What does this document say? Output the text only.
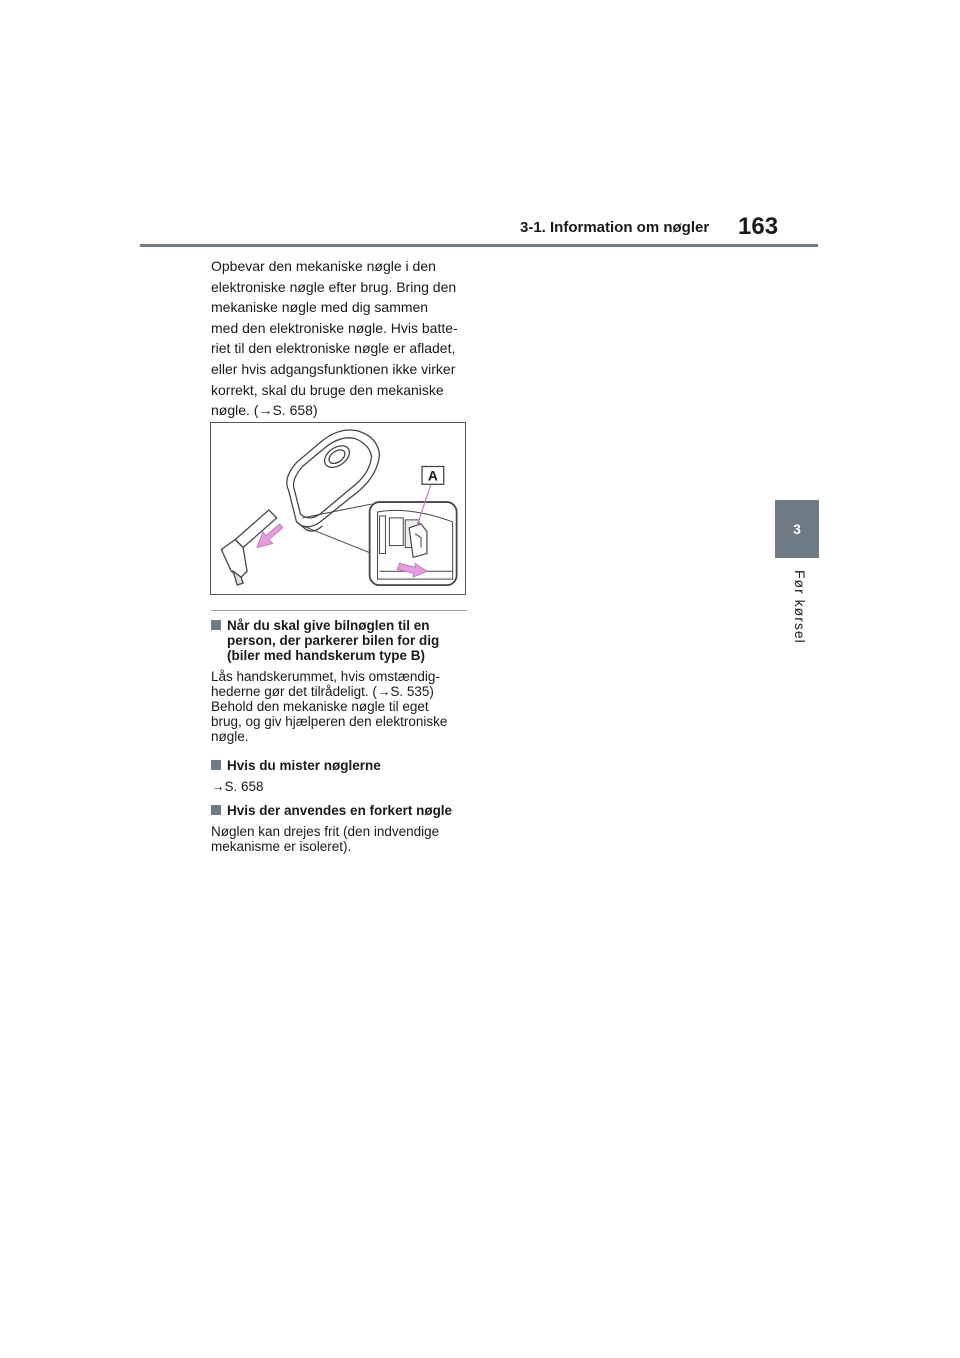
3-1. Information om nøgler 163
3
Før kørsel
Opbevar den mekaniske nøgle i den
elektroniske nøgle efter brug. Bring den
mekaniske nøgle med dig sammen
med den elektroniske nøgle. Hvis batte-
riet til den elektroniske nøgle er afladet,
eller hvis adgangsfunktionen ikke virker
korrekt, skal du bruge den mekaniske
nøgle. (→S. 658)
A
Når du skal give bilnøglen til en
person, der parkerer bilen for dig
(biler med handskerum type B)
Lås handskerummet, hvis omstændig-
hederne gør det tilrådeligt. (→S. 535)
Behold den mekaniske nøgle til eget
brug, og giv hjælperen den elektroniske
nøgle.
Hvis du mister nøglerne
→S. 658
Hvis der anvendes en forkert nøgle
Nøglen kan drejes frit (den indvendige
mekanisme er isoleret).
